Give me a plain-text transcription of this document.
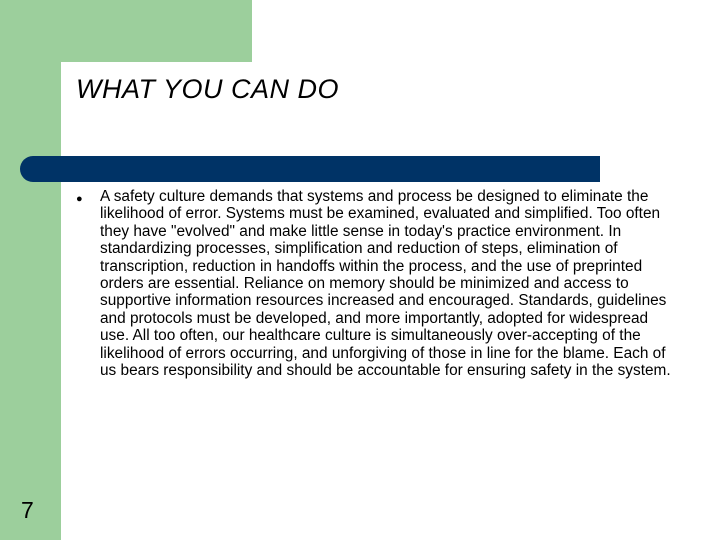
WHAT YOU CAN DO
● A safety culture demands that systems and process be designed to eliminate the likelihood of error. Systems must be examined, evaluated and simplified. Too often they have "evolved" and make little sense in today's practice environment. In standardizing processes, simplification and reduction of steps, elimination of transcription, reduction in handoffs within the process, and the use of preprinted orders are essential. Reliance on memory should be minimized and access to supportive information resources increased and encouraged. Standards, guidelines and protocols must be developed, and more importantly, adopted for widespread use. All too often, our healthcare culture is simultaneously over-accepting of the likelihood of errors occurring, and unforgiving of those in line for the blame. Each of us bears responsibility and should be accountable for ensuring safety in the system.
7
